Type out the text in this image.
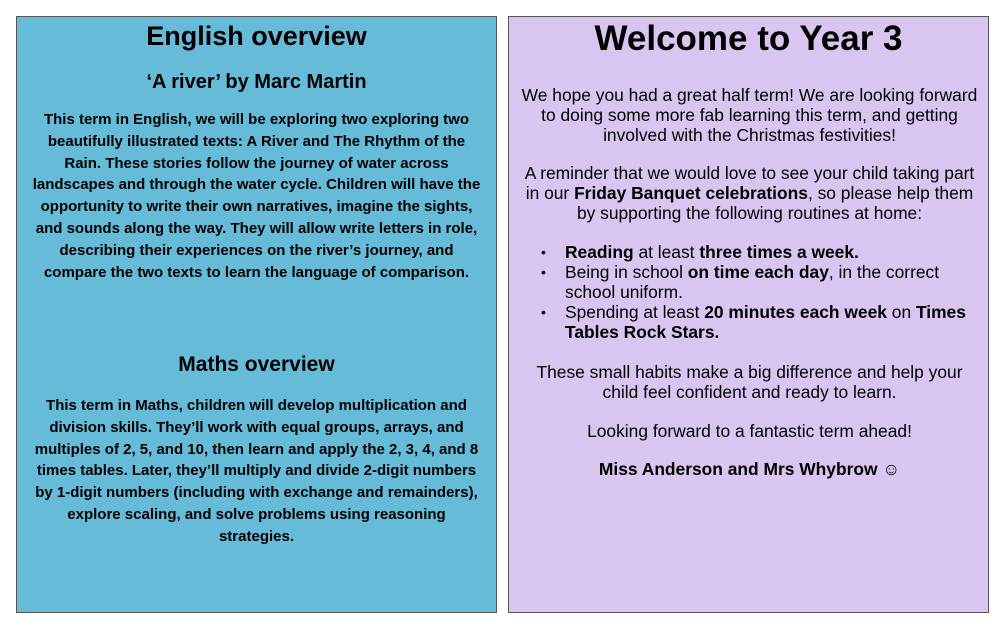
English overview
‘A river’ by Marc Martin
This term in English, we will be exploring two exploring two beautifully illustrated texts: A River and The Rhythm of the Rain. These stories follow the journey of water across landscapes and through the water cycle. Children will have the opportunity to write their own narratives, imagine the sights, and sounds along the way. They will allow write letters in role, describing their experiences on the river’s journey, and compare the two texts to learn the language of comparison.
Maths overview
This term in Maths, children will develop multiplication and division skills. They’ll work with equal groups, arrays, and multiples of 2, 5, and 10, then learn and apply the 2, 3, 4, and 8 times tables. Later, they’ll multiply and divide 2-digit numbers by 1-digit numbers (including with exchange and remainders), explore scaling, and solve problems using reasoning strategies.
Welcome to Year 3
We hope you had a great half term! We are looking forward to doing some more fab learning this term, and getting involved with the Christmas festivities!
A reminder that we would love to see your child taking part in our Friday Banquet celebrations, so please help them by supporting the following routines at home:
• Reading at least three times a week.
• Being in school on time each day, in the correct school uniform.
• Spending at least 20 minutes each week on Times Tables Rock Stars.
These small habits make a big difference and help your child feel confident and ready to learn.
Looking forward to a fantastic term ahead!
Miss Anderson and Mrs Whybrow ☺
